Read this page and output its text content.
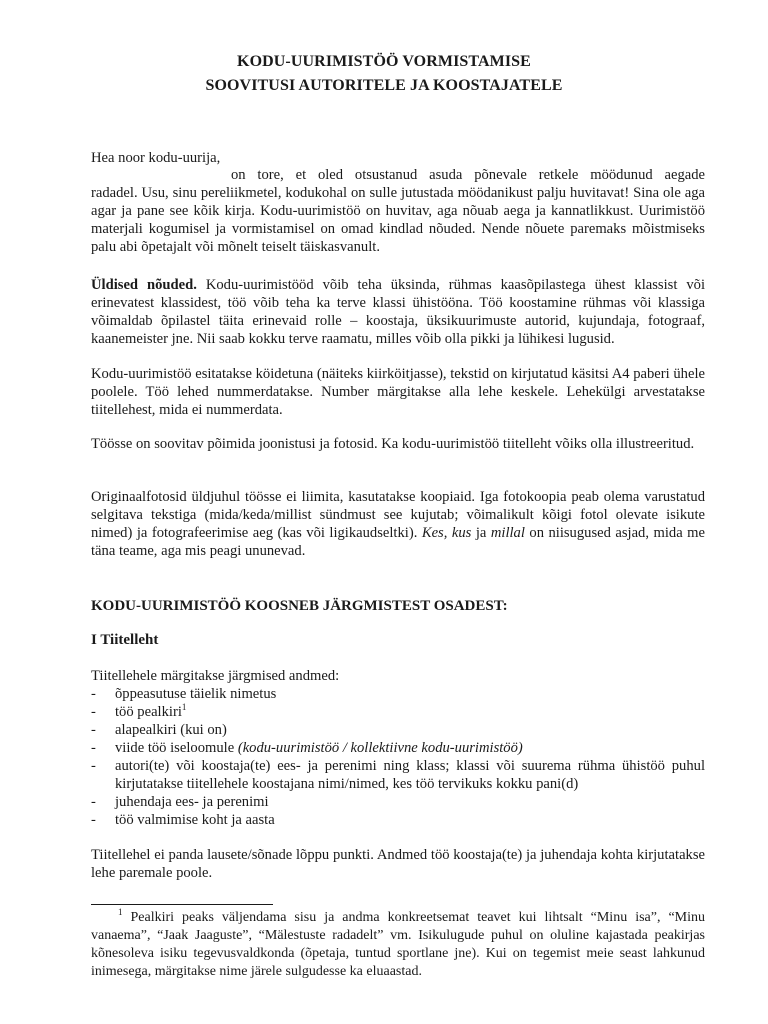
KODU-UURIMISTÖÖ VORMISTAMISE
SOOVITUSI AUTORITELE JA KOOSTAJATELE

Hea noor kodu-uurija,

on tore, et oled otsustanud asuda põnevale retkele möödunud aegade

radadel. Usu, sinu pereliikmetel, kodukohal on sulle jutustada möödanikust palju huvitavat! Sina ole aga agar ja pane see kõik kirja. Kodu-uurimistöö on huvitav, aga nõuab aega ja kannatlikkust. Uurimistöö materjali kogumisel ja vormistamisel on omad kindlad nõuded. Nende nõuete paremaks mõistmiseks palu abi õpetajalt või mõnelt teiselt täiskasvanult.

Üldised nõuded. Kodu-uurimistööd võib teha üksinda, rühmas kaasõpilastega ühest klassist või erinevatest klassidest, töö võib teha ka terve klassi ühistööna. Töö koostamine rühmas või klassiga võimaldab õpilastel täita erinevaid rolle – koostaja, üksikuurimuste autorid, kujundaja, fotograaf, kaanemeister jne. Nii saab kokku terve raamatu, milles võib olla pikki ja lühikesi lugusid.

Kodu-uurimistöö esitatakse köidetuna (näiteks kiirköitjasse), tekstid on kirjutatud käsitsi A4 paberi ühele poolele. Töö lehed nummerdatakse. Number märgitakse alla lehe keskele. Lehekülgi arvestatakse tiitellehest, mida ei nummerdata.

Töösse on soovitav põimida joonistusi ja fotosid. Ka kodu-uurimistöö tiitelleht võiks olla illustreeritud.

Originaalfotosid üldjuhul töösse ei liimita, kasutatakse koopiaid. Iga fotokoopia peab olema varustatud selgitava tekstiga (mida/keda/millist sündmust see kujutab; võimalikult kõigi fotol olevate isikute nimed) ja fotografeerimise aeg (kas või ligikaudseltki). Kes, kus ja millal on niisugused asjad, mida me täna teame, aga mis peagi ununevad.

KODU-UURIMISTÖÖ KOOSNEB JÄRGMISTEST OSADEST:
I Tiitelleht

Tiitellehele märgitakse järgmised andmed:

- õppeasutuse täielik nimetus
- töö pealkiri$^1$
- alapealkiri (kui on)
- viide töö iseloomule (kodu-uurimistöö / kollektiivne kodu-uurimistöö)
- autori(te) või koostaja(te) ees- ja perenimi ning klass; klassi või suurema rühma ühistöö puhul kirjutatakse tiitellehele koostajana nimi/nimed, kes töö tervikuks kokku pani(d)
- juhendaja ees- ja perenimi
- töö valmimise koht ja aasta

Tiitellehel ei panda lausete/sõnade lõppu punkti. Andmed töö koostaja(te) ja juhendaja kohta kirjutatakse lehe paremale poole.

$^1$ Pealkiri peaks väljendama sisu ja andma konkreetsemat teavet kui lihtsalt “Minu isa”, “Minu vanaema”, “Jaak Jaaguste”, “Mälestuste radadelt” vm. Isikulugude puhul on oluline kajastada peakirjas kõnesoleva isiku tegevusvaldkonda (õpetaja, tuntud sportlane jne). Kui on tegemist meie seast lahkunud inimesega, märgitakse nime järele sulgudesse ka eluaastad.
